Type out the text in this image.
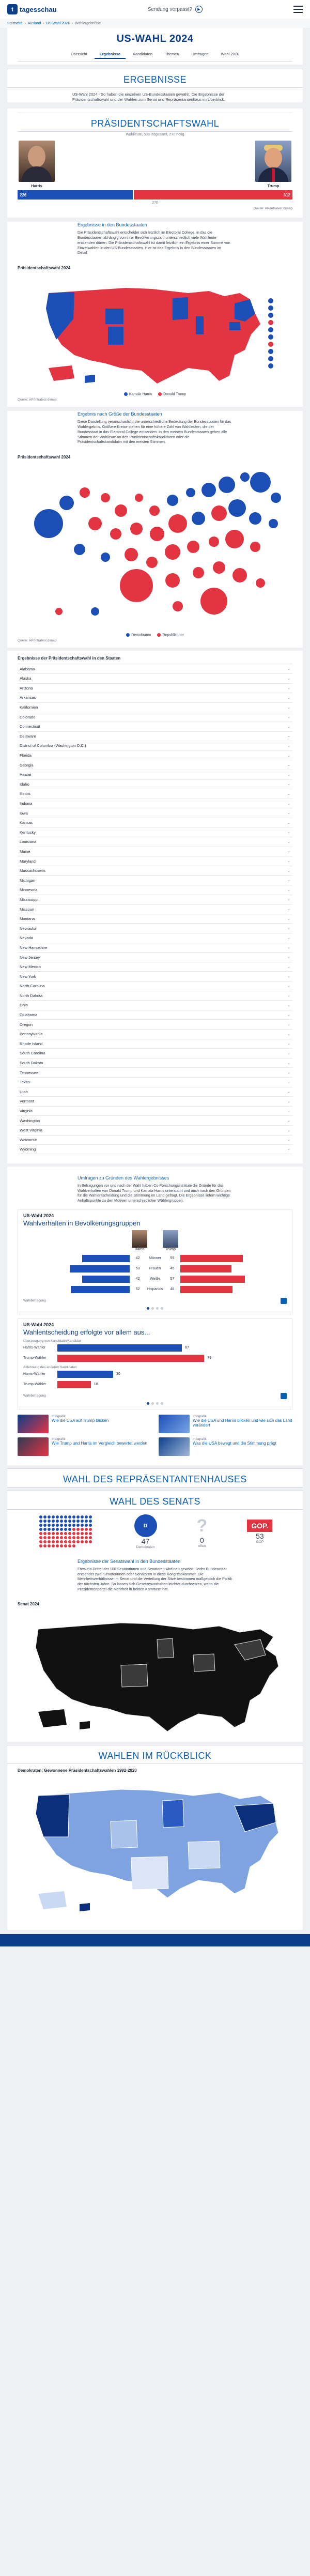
t tagesschau	Sendung verpasst?	▶
Startseite › Ausland › US-Wahl 2024 › Wahlergebnisse
US-WAHL 2024
Übersicht	Ergebnisse	Kandidaten	Themen	Umfragen	Wahl 2020
ERGEBNISSE
US-Wahl 2024 - So haben die einzelnen US-Bundesstaaten gewählt. Die Ergebnisse der Präsidentschaftswahl und der Wahlen zum Senat und Repräsentantenhaus im Überblick.
PRÄSIDENTSCHAFTSWAHL
Wahlleute, 538 insgesamt, 270 nötig
Harris	Trump
226	312
270
Quelle: AP/Infratest dimap
Ergebnisse in den Bundesstaaten
Die Präsidentschaftswahl entscheidet sich letztlich im Electoral College, in das die Bundesstaaten abhängig von ihrer Bevölkerungszahl unterschiedlich viele Wahlleute entsenden dürfen. Die Präsidentschaftswahl ist damit letztlich ein Ergebnis einer Summe von Einzelwahlen in den US-Bundesstaaten. Hier ist das Ergebnis in den Bundesstaaten im Detail:
Präsidentschaftswahl 2024
Kamala Harris	Donald Trump
Quelle: AP/Infratest dimap
Ergebnis nach Größe der Bundesstaaten
Diese Darstellung veranschaulicht die unterschiedliche Bedeutung der Bundesstaaten für das Wahlergebnis. Größere Kreise stehen für eine höhere Zahl von Wahlleuten, die der Bundesstaat in das Electoral College entsenden. In den meisten Bundesstaaten gehen alle Stimmen der Wahlleute an den Präsidentschaftskandidaten oder die Präsidentschaftskandidatin mit den meisten Stimmen.
Präsidentschaftswahl 2024
Demokraten	Republikaner
Quelle: AP/Infratest dimap
Ergebnisse der Präsidentschaftswahl in den Staaten
Alabama	⌄
Alaska	⌄
Arizona	⌄
Arkansas	⌄
Kalifornien	⌄
Colorado	⌄
Connecticut	⌄
Delaware	⌄
District of Columbia (Washington D.C.)	⌄
Florida	⌄
Georgia	⌄
Hawaii	⌄
Idaho	⌄
Illinois	⌄
Indiana	⌄
Iowa	⌄
Kansas	⌄
Kentucky	⌄
Louisiana	⌄
Maine	⌄
Maryland	⌄
Massachusetts	⌄
Michigan	⌄
Minnesota	⌄
Mississippi	⌄
Missouri	⌄
Montana	⌄
Nebraska	⌄
Nevada	⌄
New Hampshire	⌄
New Jersey	⌄
New Mexico	⌄
New York	⌄
North Carolina	⌄
North Dakota	⌄
Ohio	⌄
Oklahoma	⌄
Oregon	⌄
Pennsylvania	⌄
Rhode Island	⌄
South Carolina	⌄
South Dakota	⌄
Tennessee	⌄
Texas	⌄
Utah	⌄
Vermont	⌄
Virginia	⌄
Washington	⌄
West Virginia	⌄
Wisconsin	⌄
Wyoming	⌄
Umfragen zu Gründen des Wahlergebnisses
In Befragungen vor und nach der Wahl haben Co-Forschungsinstitute die Gründe für das Wahlverhalten von Donald Trump und Kamala Harris untersucht und auch nach den Gründen für die Wahlentscheidung und die Stimmung im Land gefragt. Die Ergebnisse liefern wichtige Anhaltspunkte zu den Motiven unterschiedlicher Wählergruppen.
US-Wahl 2024
Wahlverhalten in Bevölkerungsgruppen
Harris	Trump
42	Männer	55
53	Frauen	45
42	Weiße	57
52	Hispanics	46
Wahlbefragung
US-Wahl 2024
Wahlentscheidung erfolgte vor allem aus...
Überzeugung von Kandidatin/Kandidat
Harris-Wähler	67
Trump-Wähler	79
Ablehnung des anderen Kandidaten
Harris-Wähler	30
Trump-Wähler	18
Wahlbefragung
Infografik
Wie die USA auf Trump blicken
Infografik
Wie die USA und Harris blicken und wie sich das Land verändert
Infografik
Wie Trump und Harris im Vergleich bewertet werden
Infografik
Was die USA bewegt und die Stimmung prägt
WAHL DES REPRÄSENTANTENHAUSES
WAHL DES SENATS
D
47
Demokraten
?
0
offen
GOP.
53
GOP
Ergebnisse der Senatswahl in den Bundesstaaten
Etwa ein Drittel der 100 Senatorinnen und Senatoren wird neu gewählt. Jeder Bundesstaat entsendet zwei Senatorinnen oder Senatoren in diese Kongresskammer. Die Mehrheitsverhältnisse im Senat und die Verteilung der Sitze bestimmen maßgeblich die Politik der nächsten Jahre. So lassen sich Gesetzesvorhaben leichter durchsetzen, wenn die Präsidentenpartei die Mehrheit in beiden Kammern hat.
Senat 2024
WAHLEN IM RÜCKBLICK
Demokraten: Gewonnene Präsidentschaftswahlen 1992-2020
